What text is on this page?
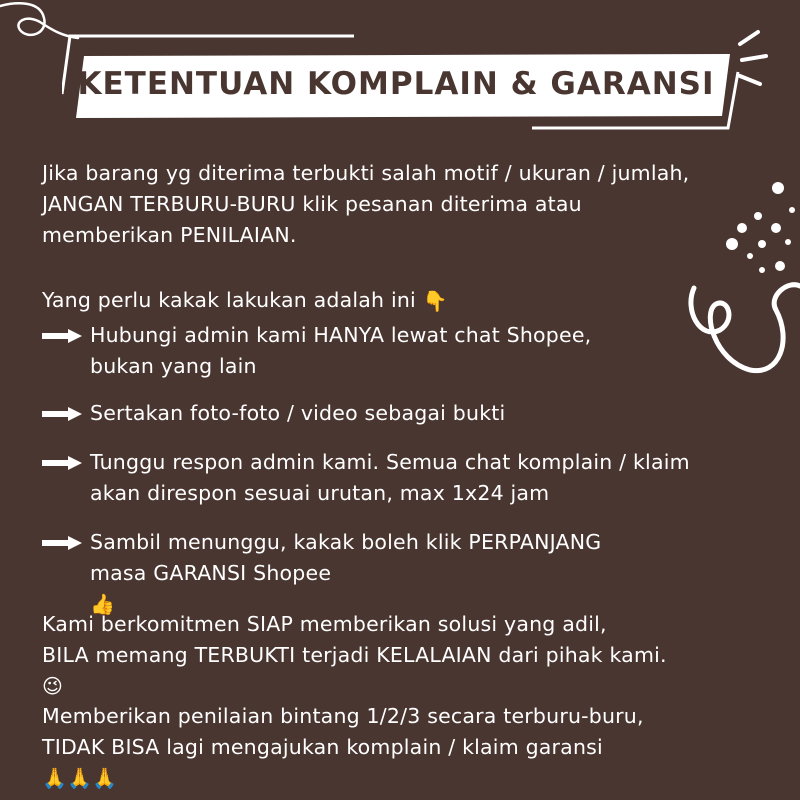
KETENTUAN KOMPLAIN & GARANSI
Jika barang yg diterima terbukti salah motif / ukuran / jumlah,
JANGAN TERBURU-BURU klik pesanan diterima atau
memberikan PENILAIAN.
Yang perlu kakak lakukan adalah ini 👇
Hubungi admin kami HANYA lewat chat Shopee,
bukan yang lain
Sertakan foto-foto / video sebagai bukti
Tunggu respon admin kami. Semua chat komplain / klaim
akan direspon sesuai urutan, max 1x24 jam
Sambil menunggu, kakak boleh klik PERPANJANG
masa GARANSI Shopee
👍
Kami berkomitmen SIAP memberikan solusi yang adil,
BILA memang TERBUKTI terjadi KELALAIAN dari pihak kami.
😉
Memberikan penilaian bintang 1/2/3 secara terburu-buru,
TIDAK BISA lagi mengajukan komplain / klaim garansi
🙏🙏🙏
